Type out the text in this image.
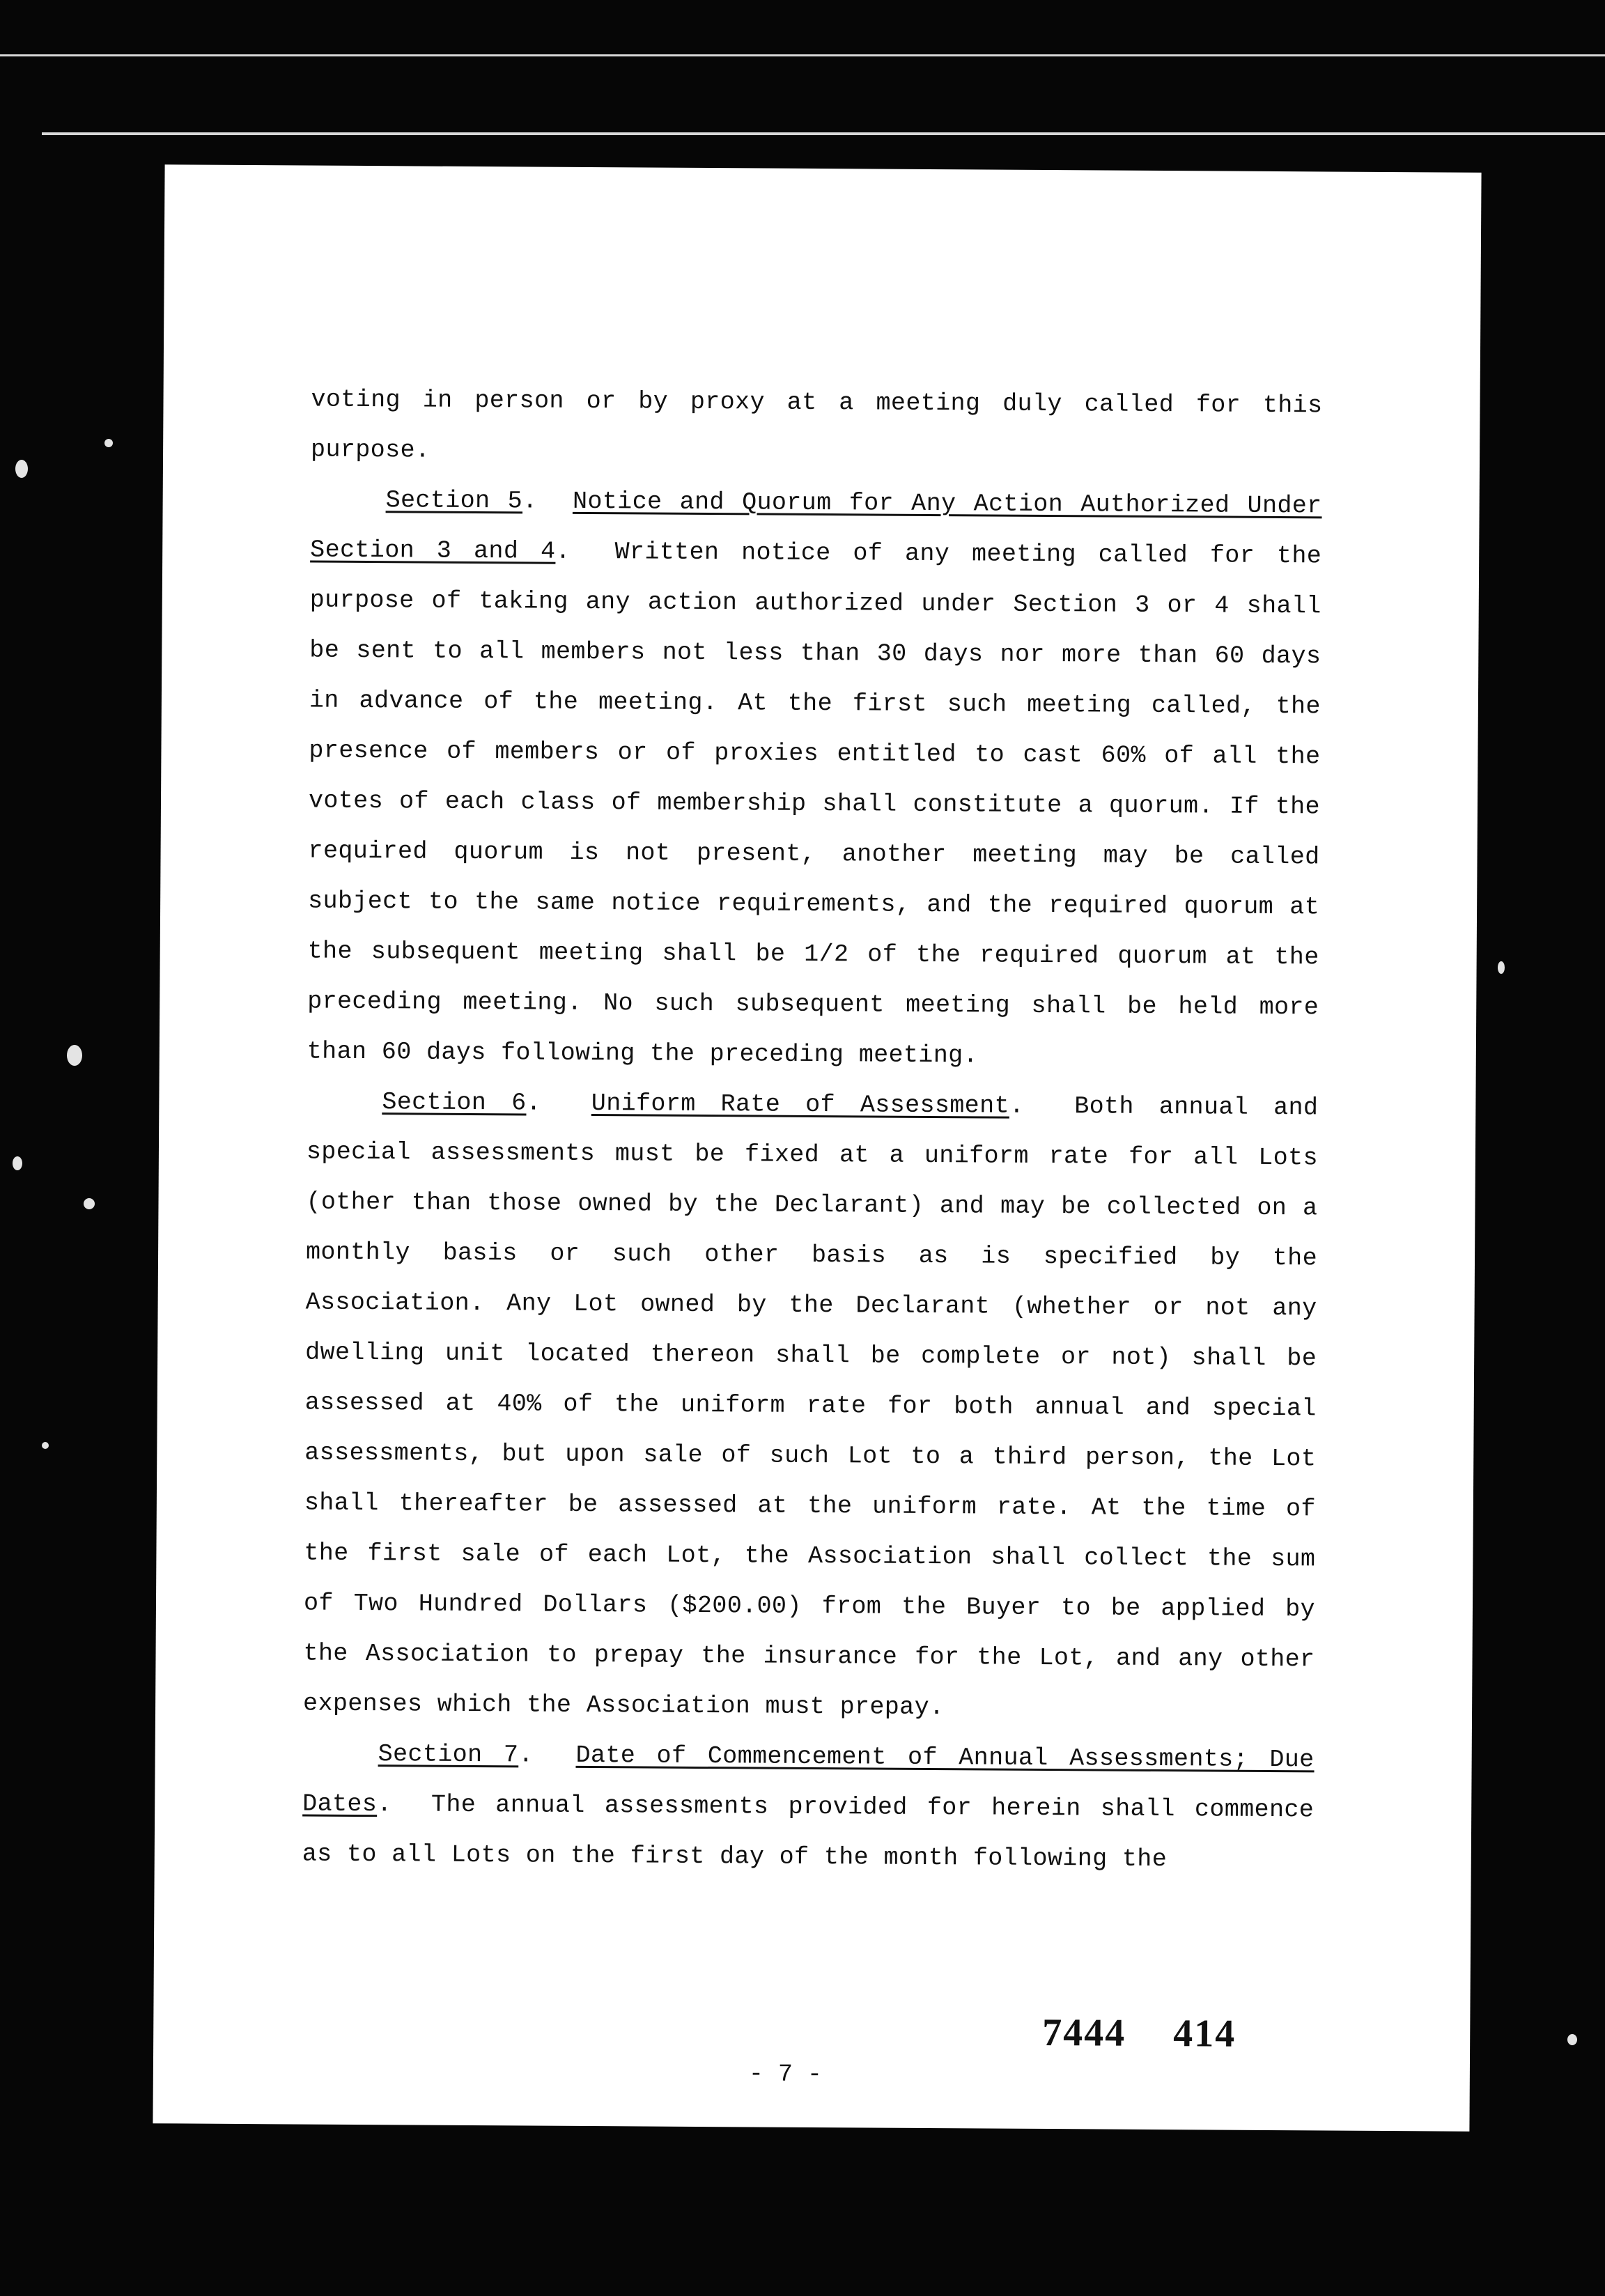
voting in person or by proxy at a meeting duly called for this purpose.

Section 5.  Notice and Quorum for Any Action Authorized Under Section 3 and 4.  Written notice of any meeting called for the purpose of taking any action authorized under Section 3 or 4 shall be sent to all members not less than 30 days nor more than 60 days in advance of the meeting. At the first such meeting called, the presence of members or of proxies entitled to cast 60% of all the votes of each class of membership shall constitute a quorum. If the required quorum is not present, another meeting may be called subject to the same notice requirements, and the required quorum at the subsequent meeting shall be 1/2 of the required quorum at the preceding meeting. No such subsequent meeting shall be held more than 60 days following the preceding meeting.

Section 6.  Uniform Rate of Assessment.  Both annual and special assessments must be fixed at a uniform rate for all Lots (other than those owned by the Declarant) and may be collected on a monthly basis or such other basis as is specified by the Association. Any Lot owned by the Declarant (whether or not any dwelling unit located thereon shall be complete or not) shall be assessed at 40% of the uniform rate for both annual and special assessments, but upon sale of such Lot to a third person, the Lot shall thereafter be assessed at the uniform rate. At the time of the first sale of each Lot, the Association shall collect the sum of Two Hundred Dollars ($200.00) from the Buyer to be applied by the Association to prepay the insurance for the Lot, and any other expenses which the Association must prepay.

Section 7.  Date of Commencement of Annual Assessments; Due Dates.  The annual assessments provided for herein shall commence as to all Lots on the first day of the month following the

7444 414
- 7 -
